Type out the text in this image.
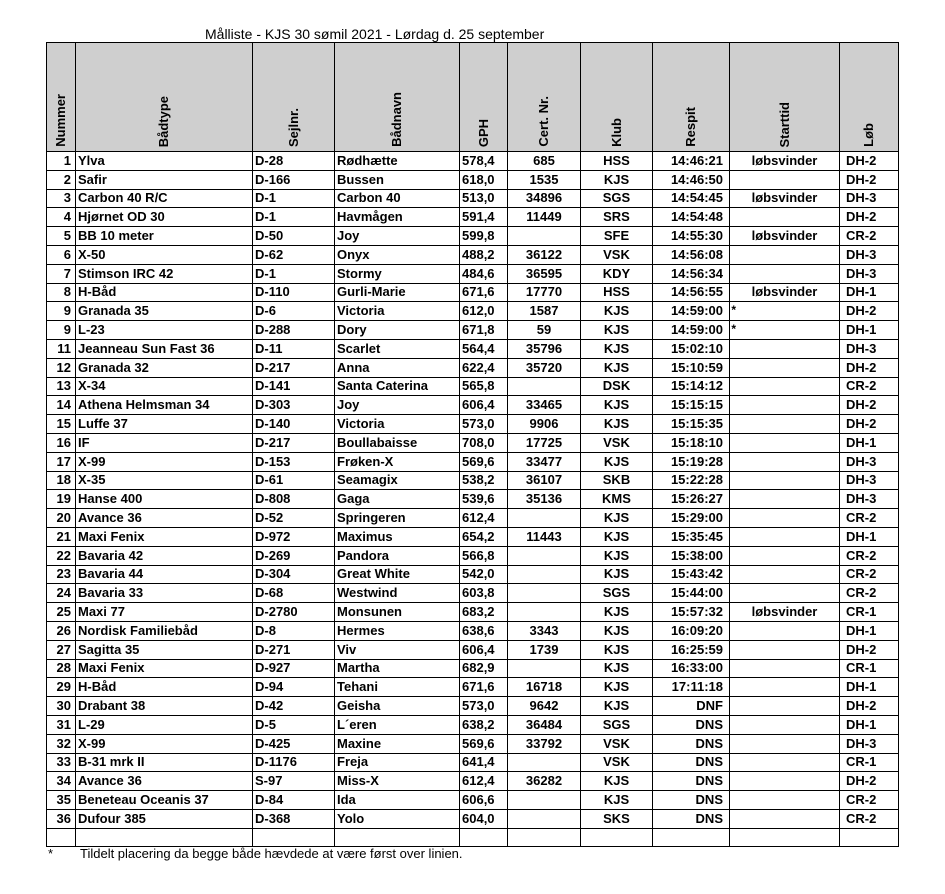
Målliste - KJS 30 sømil 2021 - Lørdag d. 25 september
Nummer	Bådtype	Sejlnr.	Bådnavn	GPH	Cert. Nr.	Klub	Respit	Starttid	Løb

1	Ylva	D-28	Rødhætte	578,4	685	HSS	14:46:21	løbsvinder	DH-2
2	Safir	D-166	Bussen	618,0	1535	KJS	14:46:50		DH-2
3	Carbon 40 R/C	D-1	Carbon 40	513,0	34896	SGS	14:54:45	løbsvinder	DH-3
4	Hjørnet OD 30	D-1	Havmågen	591,4	11449	SRS	14:54:48		DH-2
5	BB 10 meter	D-50	Joy	599,8		SFE	14:55:30	løbsvinder	CR-2
6	X-50	D-62	Onyx	488,2	36122	VSK	14:56:08		DH-3
7	Stimson IRC 42	D-1	Stormy	484,6	36595	KDY	14:56:34		DH-3
8	H-Båd	D-110	Gurli-Marie	671,6	17770	HSS	14:56:55	løbsvinder	DH-1
9	Granada 35	D-6	Victoria	612,0	1587	KJS	14:59:00 *		DH-2
9	L-23	D-288	Dory	671,8	59	KJS	14:59:00 *		DH-1
11	Jeanneau Sun Fast 36	D-11	Scarlet	564,4	35796	KJS	15:02:10		DH-3
12	Granada 32	D-217	Anna	622,4	35720	KJS	15:10:59		DH-2
13	X-34	D-141	Santa Caterina	565,8		DSK	15:14:12		CR-2
14	Athena Helmsman 34	D-303	Joy	606,4	33465	KJS	15:15:15		DH-2
15	Luffe 37	D-140	Victoria	573,0	9906	KJS	15:15:35		DH-2
16	IF	D-217	Boullabaisse	708,0	17725	VSK	15:18:10		DH-1
17	X-99	D-153	Frøken-X	569,6	33477	KJS	15:19:28		DH-3
18	X-35	D-61	Seamagix	538,2	36107	SKB	15:22:28		DH-3
19	Hanse 400	D-808	Gaga	539,6	35136	KMS	15:26:27		DH-3
20	Avance 36	D-52	Springeren	612,4		KJS	15:29:00		CR-2
21	Maxi Fenix	D-972	Maximus	654,2	11443	KJS	15:35:45		DH-1
22	Bavaria 42	D-269	Pandora	566,8		KJS	15:38:00		CR-2
23	Bavaria 44	D-304	Great White	542,0		KJS	15:43:42		CR-2
24	Bavaria 33	D-68	Westwind	603,8		SGS	15:44:00		CR-2
25	Maxi 77	D-2780	Monsunen	683,2		KJS	15:57:32	løbsvinder	CR-1
26	Nordisk Familiebåd	D-8	Hermes	638,6	3343	KJS	16:09:20		DH-1
27	Sagitta 35	D-271	Viv	606,4	1739	KJS	16:25:59		DH-2
28	Maxi Fenix	D-927	Martha	682,9		KJS	16:33:00		CR-1
29	H-Båd	D-94	Tehani	671,6	16718	KJS	17:11:18		DH-1
30	Drabant 38	D-42	Geisha	573,0	9642	KJS	DNF		DH-2
31	L-29	D-5	L´eren	638,2	36484	SGS	DNS		DH-1
32	X-99	D-425	Maxine	569,6	33792	VSK	DNS		DH-3
33	B-31 mrk II	D-1176	Freja	641,4		VSK	DNS		CR-1
34	Avance 36	S-97	Miss-X	612,4	36282	KJS	DNS		DH-2
35	Beneteau Oceanis 37	D-84	Ida	606,6		KJS	DNS		CR-2
36	Dufour 385	D-368	Yolo	604,0		SKS	DNS		CR-2

* Tildelt placering da begge både hævdede at være først over linien.
